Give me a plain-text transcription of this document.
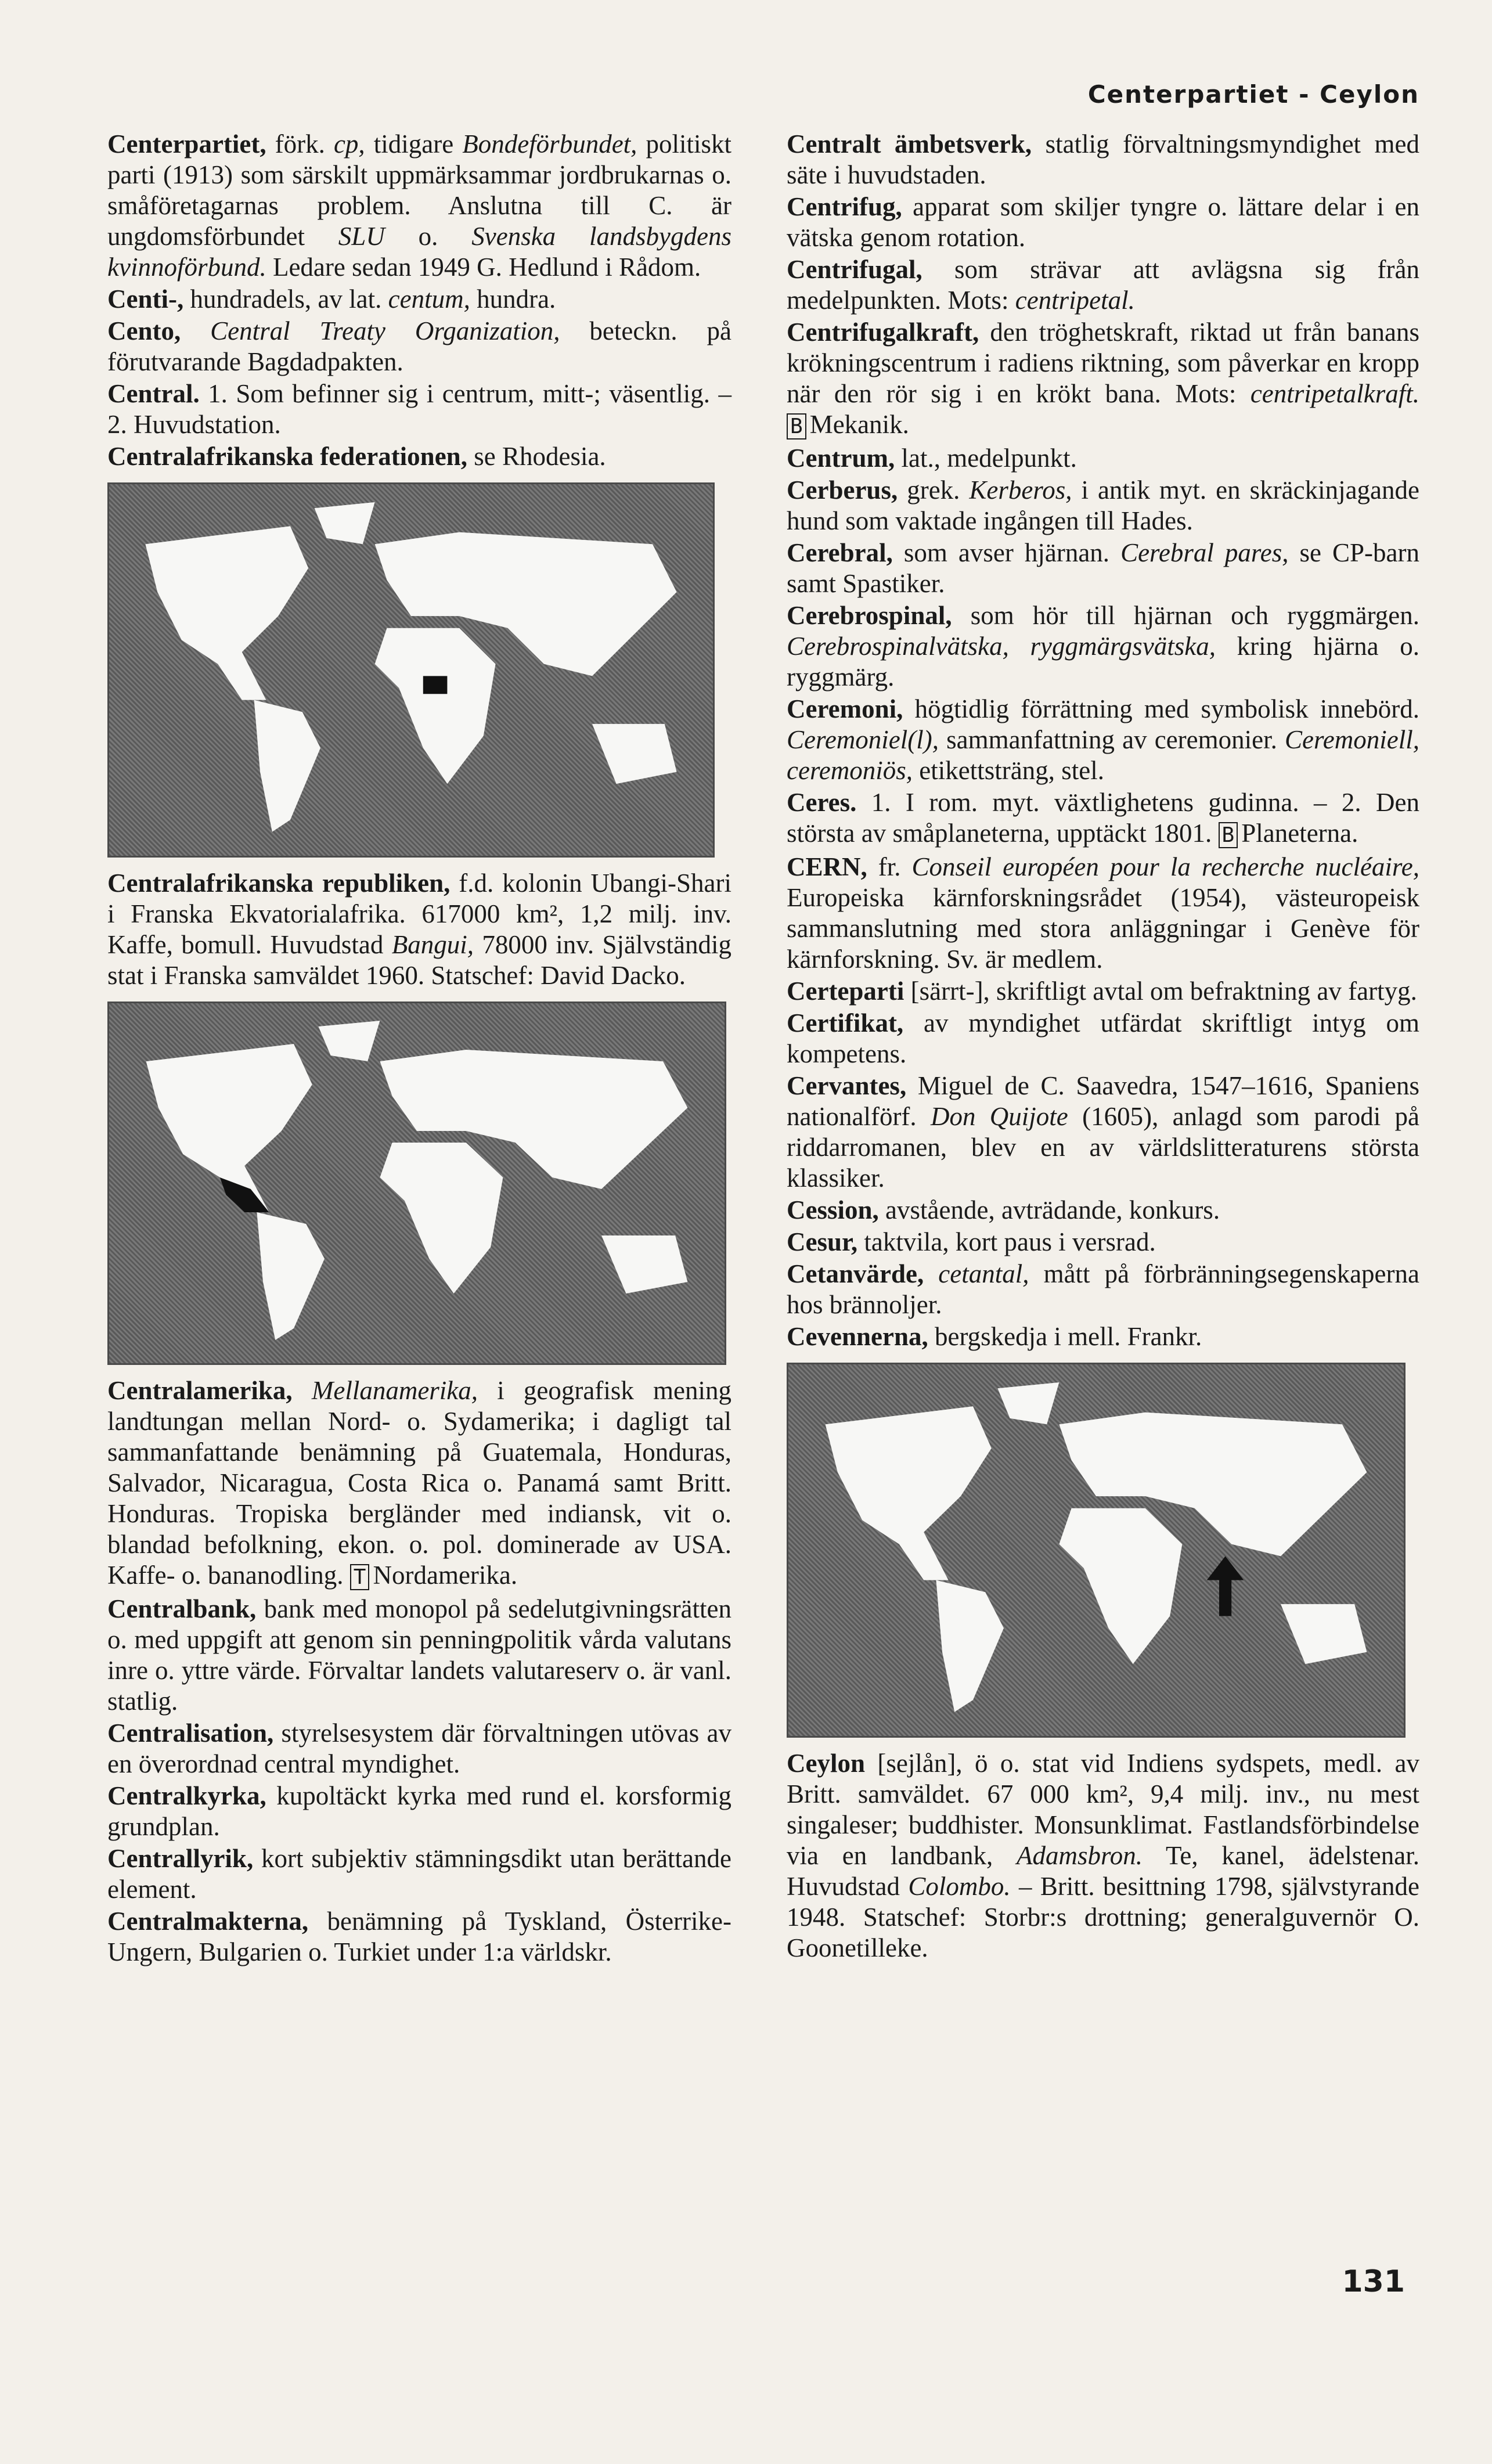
Centerpartiet - Ceylon

Centerpartiet, förk. cp, tidigare Bondeförbundet, politiskt parti (1913) som särskilt uppmärksammar jordbrukarnas o. småföretagarnas problem. Anslutna till C. är ungdomsförbundet SLU o. Svenska landsbygdens kvinnoförbund. Ledare sedan 1949 G. Hedlund i Rådom.

Centi-, hundradels, av lat. centum, hundra.

Cento, Central Treaty Organization, beteckn. på förutvarande Bagdadpakten.

Central. 1. Som befinner sig i centrum, mitt-; väsentlig. – 2. Huvudstation.

Centralafrikanska federationen, se Rhodesia.

Centralafrikanska republiken, f.d. kolonin Ubangi-Shari i Franska Ekvatorialafrika. 617000 km², 1,2 milj. inv. Kaffe, bomull. Huvudstad Bangui, 78000 inv. Självständig stat i Franska samväldet 1960. Statschef: David Dacko.

Centralamerika, Mellanamerika, i geografisk mening landtungan mellan Nord- o. Sydamerika; i dagligt tal sammanfattande benämning på Guatemala, Honduras, Salvador, Nicaragua, Costa Rica o. Panamá samt Britt. Honduras. Tropiska bergländer med indiansk, vit o. blandad befolkning, ekon. o. pol. dominerade av USA. Kaffe- o. bananodling. T Nordamerika.

Centralbank, bank med monopol på sedelutgivningsrätten o. med uppgift att genom sin penningpolitik vårda valutans inre o. yttre värde. Förvaltar landets valutareserv o. är vanl. statlig.

Centralisation, styrelsesystem där förvaltningen utövas av en överordnad central myndighet.

Centralkyrka, kupoltäckt kyrka med rund el. korsformig grundplan.

Centrallyrik, kort subjektiv stämningsdikt utan berättande element.

Centralmakterna, benämning på Tyskland, Österrike-Ungern, Bulgarien o. Turkiet under 1:a världskr.

Centralt ämbetsverk, statlig förvaltningsmyndighet med säte i huvudstaden.

Centrifug, apparat som skiljer tyngre o. lättare delar i en vätska genom rotation.

Centrifugal, som strävar att avlägsna sig från medelpunkten. Mots: centripetal.

Centrifugalkraft, den tröghetskraft, riktad ut från banans krökningscentrum i radiens riktning, som påverkar en kropp när den rör sig i en krökt bana. Mots: centripetalkraft. B Mekanik.

Centrum, lat., medelpunkt.

Cerberus, grek. Kerberos, i antik myt. en skräckinjagande hund som vaktade ingången till Hades.

Cerebral, som avser hjärnan. Cerebral pares, se CP-barn samt Spastiker.

Cerebrospinal, som hör till hjärnan och ryggmärgen. Cerebrospinalvätska, ryggmärgsvätska, kring hjärna o. ryggmärg.

Ceremoni, högtidlig förrättning med symbolisk innebörd. Ceremoniel(l), sammanfattning av ceremonier. Ceremoniell, ceremoniös, etikettsträng, stel.

Ceres. 1. I rom. myt. växtlighetens gudinna. – 2. Den största av småplaneterna, upptäckt 1801. B Planeterna.

CERN, fr. Conseil européen pour la recherche nucléaire, Europeiska kärnforskningsrådet (1954), västeuropeisk sammanslutning med stora anläggningar i Genève för kärnforskning. Sv. är medlem.

Certeparti [särrt-], skriftligt avtal om befraktning av fartyg.

Certifikat, av myndighet utfärdat skriftligt intyg om kompetens.

Cervantes, Miguel de C. Saavedra, 1547–1616, Spaniens nationalförf. Don Quijote (1605), anlagd som parodi på riddarromanen, blev en av världslitteraturens största klassiker.

Cession, avstående, avträdande, konkurs.

Cesur, taktvila, kort paus i versrad.

Cetanvärde, cetantal, mått på förbränningsegenskaperna hos brännoljer.

Cevennerna, bergskedja i mell. Frankr.

Ceylon [sejlån], ö o. stat vid Indiens sydspets, medl. av Britt. samväldet. 67 000 km², 9,4 milj. inv., nu mest singaleser; buddhister. Monsunklimat. Fastlandsförbindelse via en landbank, Adamsbron. Te, kanel, ädelstenar. Huvudstad Colombo. – Britt. besittning 1798, självstyrande 1948. Statschef: Storbr:s drottning; generalguvernör O. Goonetilleke.

131
